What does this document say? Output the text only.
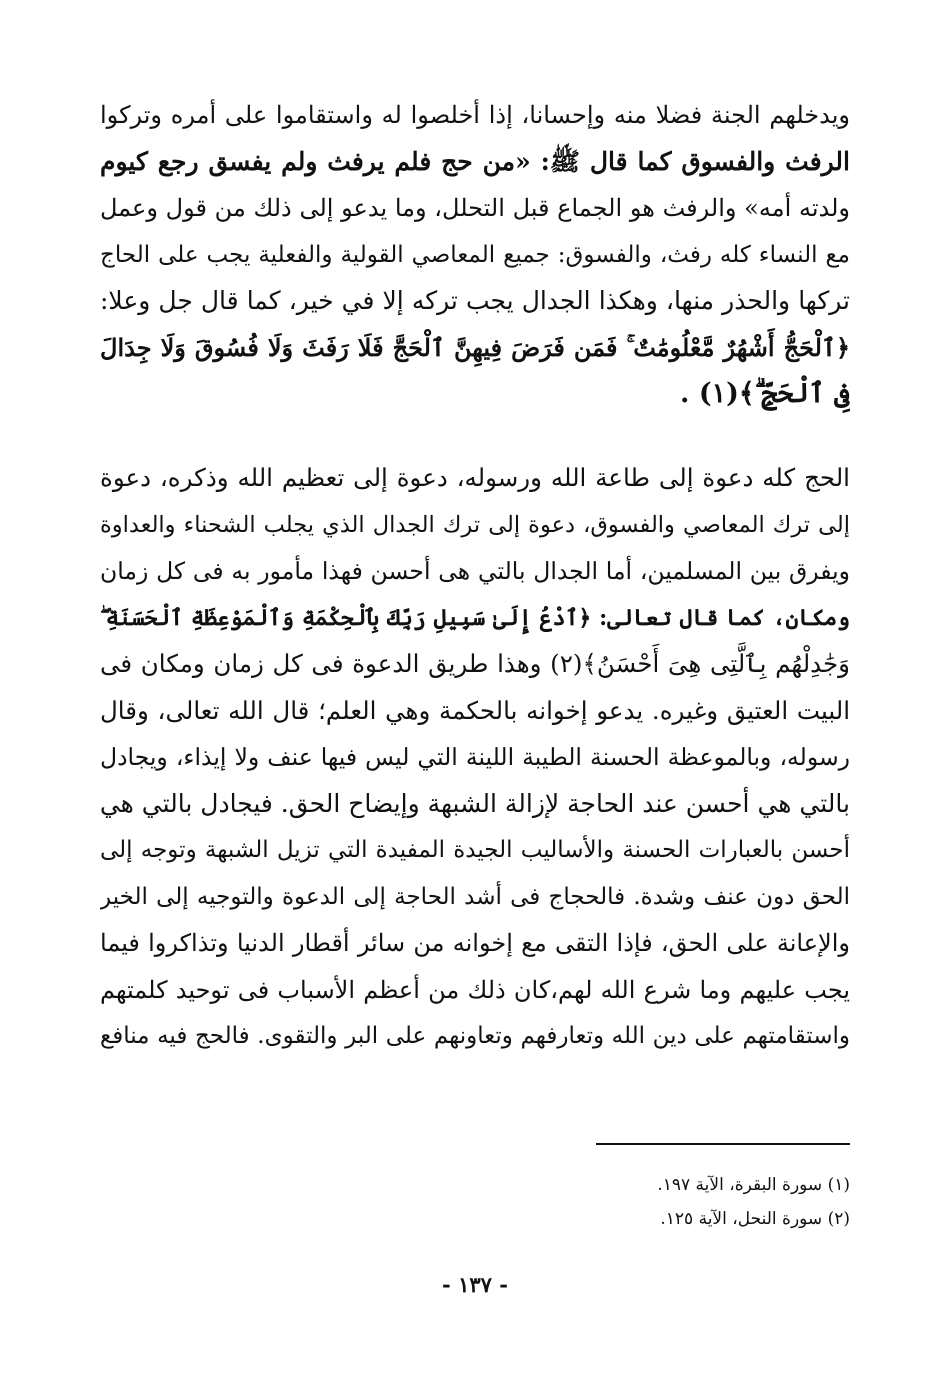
ويدخلهم الجنة فضلا منه وإحسانا، إذا أخلصوا له واستقاموا على أمره وتركوا
الرفث والفسوق كما قال ﷺ: «من حج فلم يرفث ولم يفسق رجع كيوم
ولدته أمه» والرفث هو الجماع قبل التحلل، وما يدعو إلى ذلك من قول وعمل
مع النساء كله رفث، والفسوق: جميع المعاصي القولية والفعلية يجب على الحاج
تركها والحذر منها، وهكذا الجدال يجب تركه إلا في خير، كما قال جل وعلا:
﴿ٱلْحَجُّ أَشْهُرٌ مَّعْلُومَٰتٌ ۚ فَمَن فَرَضَ فِيهِنَّ ٱلْحَجَّ فَلَا رَفَثَ وَلَا فُسُوقَ وَلَا جِدَالَ
فِى ٱلْحَجِّ ۗ﴾(١) .
الحج كله دعوة إلى طاعة الله ورسوله، دعوة إلى تعظيم الله وذكره، دعوة
إلى ترك المعاصي والفسوق، دعوة إلى ترك الجدال الذي يجلب الشحناء والعداوة
ويفرق بين المسلمين، أما الجدال بالتي هى أحسن فهذا مأمور به فى كل زمان
ومكان، كما قال تعالى: ﴿ٱدْعُ إِلَىٰ سَبِيلِ رَبِّكَ بِٱلْحِكْمَةِ وَٱلْمَوْعِظَةِ ٱلْحَسَنَةِ ۖ
وَجَٰدِلْهُم بِٱلَّتِى هِىَ أَحْسَنُ﴾(٢) وهذا طريق الدعوة فى كل زمان ومكان فى
البيت العتيق وغيره. يدعو إخوانه بالحكمة وهي العلم؛ قال الله تعالى، وقال
رسوله، وبالموعظة الحسنة الطيبة اللينة التي ليس فيها عنف ولا إيذاء، ويجادل
بالتي هي أحسن عند الحاجة لإزالة الشبهة وإيضاح الحق. فيجادل بالتي هي
أحسن بالعبارات الحسنة والأساليب الجيدة المفيدة التي تزيل الشبهة وتوجه إلى
الحق دون عنف وشدة. فالحجاج فى أشد الحاجة إلى الدعوة والتوجيه إلى الخير
والإعانة على الحق، فإذا التقى مع إخوانه من سائر أقطار الدنيا وتذاكروا فيما
يجب عليهم وما شرع الله لهم،كان ذلك من أعظم الأسباب فى توحيد كلمتهم
واستقامتهم على دين الله وتعارفهم وتعاونهم على البر والتقوى. فالحج فيه منافع
(١) سورة البقرة، الآية ١٩٧.
(٢) سورة النحل، الآية ١٢٥.
- ١٣٧ -
